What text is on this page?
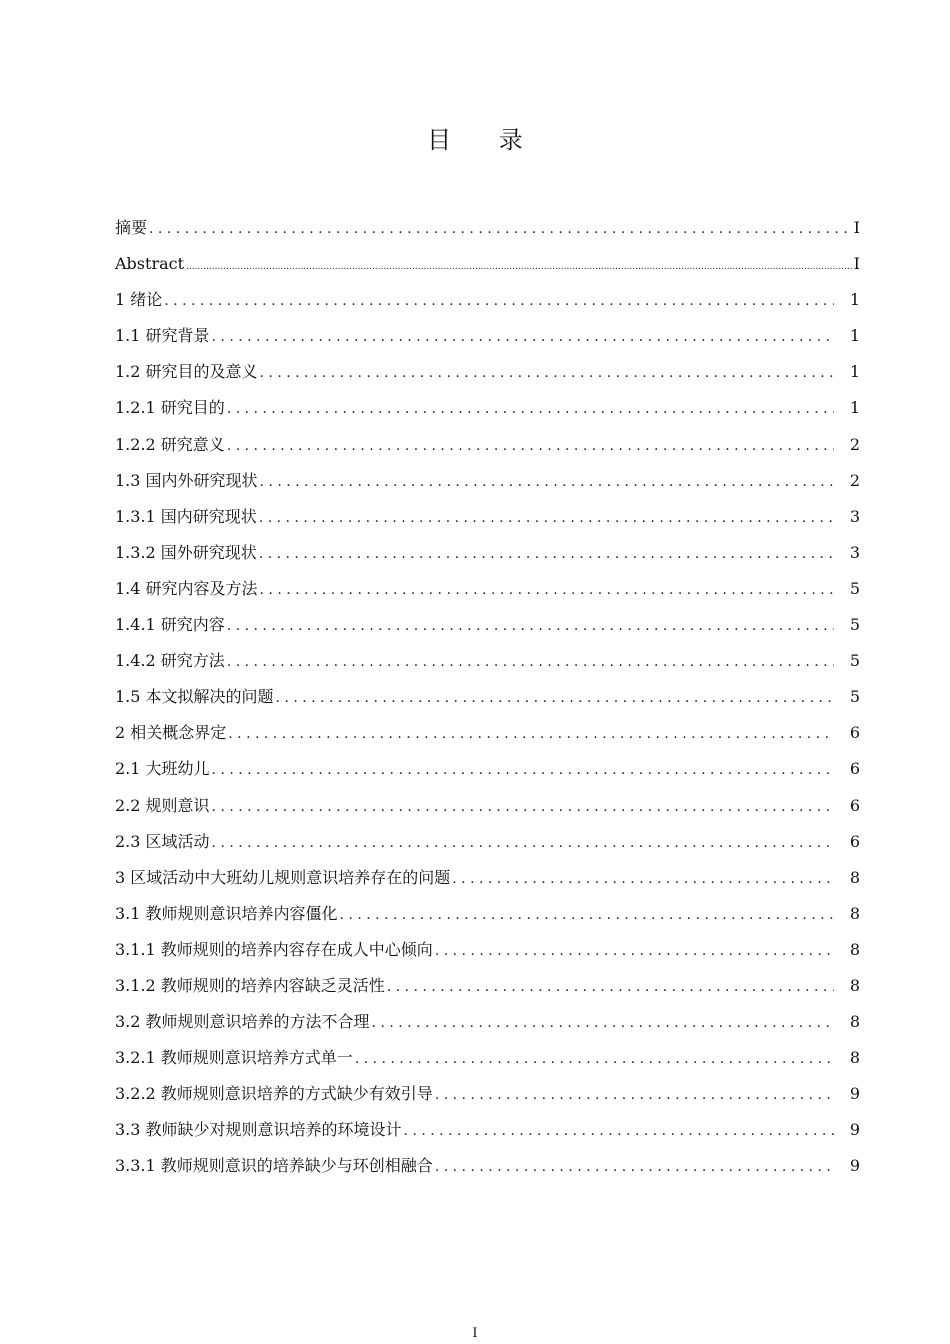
目 录
摘要 . . .	I
Abstract .....	I
1 绪论 . . .	1
1.1 研究背景 . . .	1
1.2 研究目的及意义 . . .	1
1.2.1 研究目的 . . .	1
1.2.2 研究意义 . . .	2
1.3 国内外研究现状 . . .	2
1.3.1 国内研究现状 . . .	3
1.3.2 国外研究现状 . . .	3
1.4 研究内容及方法 . . .	5
1.4.1 研究内容 . . .	5
1.4.2 研究方法 . . .	5
1.5 本文拟解决的问题 . . .	5
2 相关概念界定 . . .	6
2.1 大班幼儿 . . .	6
2.2 规则意识 . . .	6
2.3 区域活动 . . .	6
3 区域活动中大班幼儿规则意识培养存在的问题 . . .	8
3.1 教师规则意识培养内容僵化 . . .	8
3.1.1 教师规则的培养内容存在成人中心倾向 . . .	8
3.1.2 教师规则的培养内容缺乏灵活性 . . .	8
3.2 教师规则意识培养的方法不合理 . . .	8
3.2.1 教师规则意识培养方式单一 . . .	8
3.2.2 教师规则意识培养的方式缺少有效引导 . . .	9
3.3 教师缺少对规则意识培养的环境设计 . . .	9
3.3.1 教师规则意识的培养缺少与环创相融合 . . .	9
I
